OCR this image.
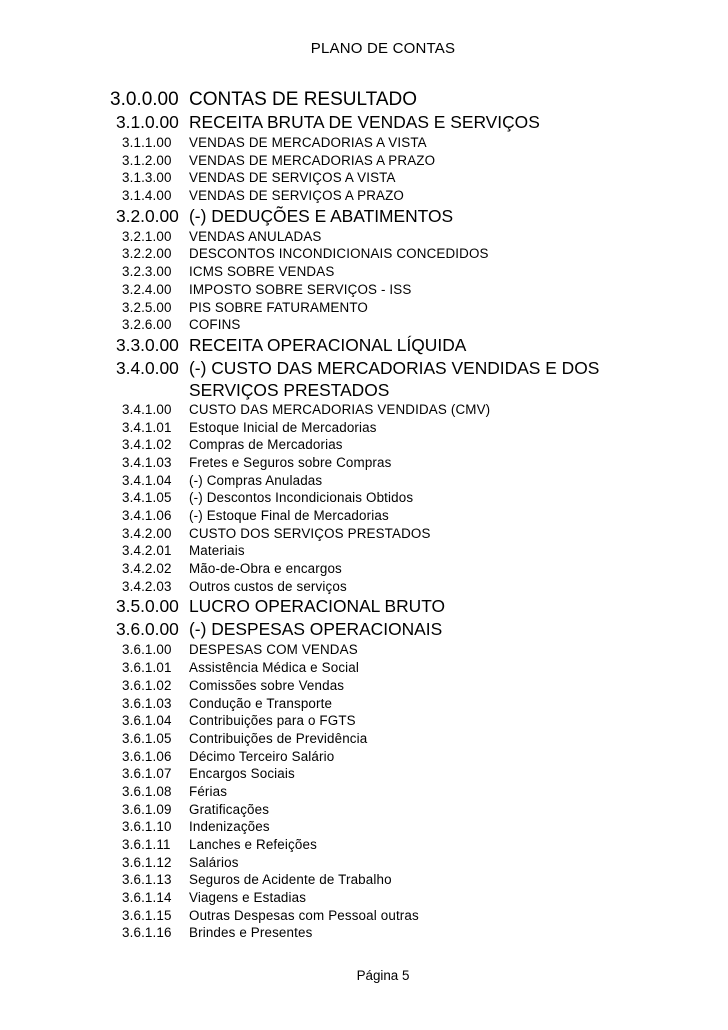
PLANO DE CONTAS
3.0.0.00 CONTAS DE RESULTADO
3.1.0.00 RECEITA BRUTA DE VENDAS E SERVIÇOS
3.1.1.00 VENDAS DE MERCADORIAS A VISTA
3.1.2.00 VENDAS DE MERCADORIAS A PRAZO
3.1.3.00 VENDAS DE SERVIÇOS A VISTA
3.1.4.00 VENDAS DE SERVIÇOS A PRAZO
3.2.0.00 (-) DEDUÇÕES E ABATIMENTOS
3.2.1.00 VENDAS ANULADAS
3.2.2.00 DESCONTOS INCONDICIONAIS CONCEDIDOS
3.2.3.00 ICMS SOBRE VENDAS
3.2.4.00 IMPOSTO SOBRE SERVIÇOS - ISS
3.2.5.00 PIS SOBRE FATURAMENTO
3.2.6.00 COFINS
3.3.0.00 RECEITA OPERACIONAL LÍQUIDA
3.4.0.00 (-) CUSTO DAS MERCADORIAS VENDIDAS E DOS
SERVIÇOS PRESTADOS
3.4.1.00 CUSTO DAS MERCADORIAS VENDIDAS (CMV)
3.4.1.01 Estoque Inicial de Mercadorias
3.4.1.02 Compras de Mercadorias
3.4.1.03 Fretes e Seguros sobre Compras
3.4.1.04 (-) Compras Anuladas
3.4.1.05 (-) Descontos Incondicionais Obtidos
3.4.1.06 (-) Estoque Final de Mercadorias
3.4.2.00 CUSTO DOS SERVIÇOS PRESTADOS
3.4.2.01 Materiais
3.4.2.02 Mão-de-Obra e encargos
3.4.2.03 Outros custos de serviços
3.5.0.00 LUCRO OPERACIONAL BRUTO
3.6.0.00 (-) DESPESAS OPERACIONAIS
3.6.1.00 DESPESAS COM VENDAS
3.6.1.01 Assistência Médica e Social
3.6.1.02 Comissões sobre Vendas
3.6.1.03 Condução e Transporte
3.6.1.04 Contribuições para o FGTS
3.6.1.05 Contribuições de Previdência
3.6.1.06 Décimo Terceiro Salário
3.6.1.07 Encargos Sociais
3.6.1.08 Férias
3.6.1.09 Gratificações
3.6.1.10 Indenizações
3.6.1.11 Lanches e Refeições
3.6.1.12 Salários
3.6.1.13 Seguros de Acidente de Trabalho
3.6.1.14 Viagens e Estadias
3.6.1.15 Outras Despesas com Pessoal outras
3.6.1.16 Brindes e Presentes
Página 5
